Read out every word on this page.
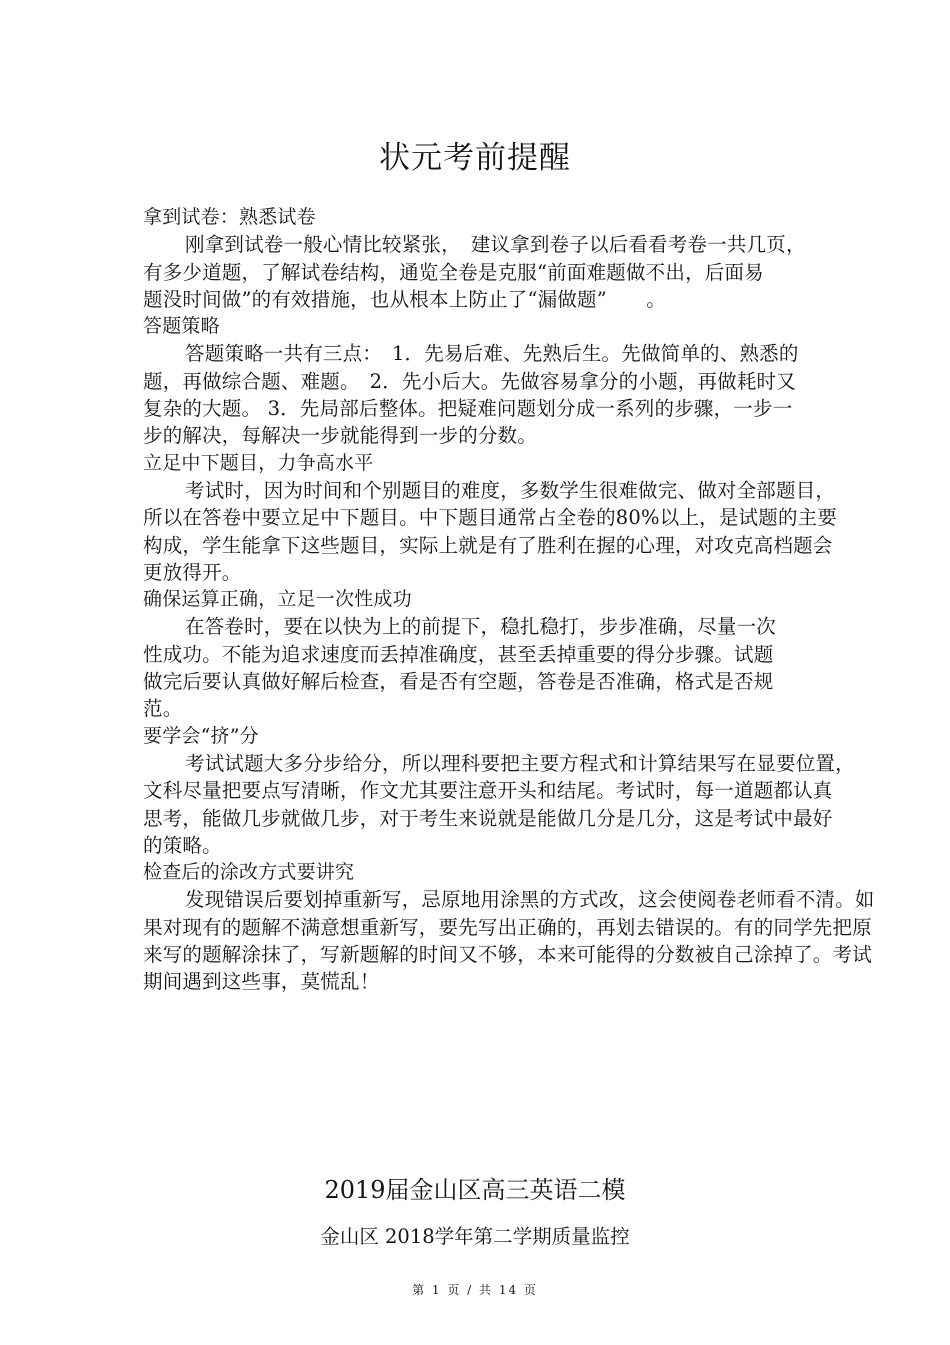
状元考前提醒
拿到试卷：熟悉试卷
刚拿到试卷一般心情比较紧张，　建议拿到卷子以后看看考卷一共几页，
有多少道题，了解试卷结构，通览全卷是克服“前面难题做不出，后面易
题没时间做”的有效措施，也从根本上防止了“漏做题”　　。
答题策略
答题策略一共有三点：　1．先易后难、先熟后生。先做简单的、熟悉的
题，再做综合题、难题。　2．先小后大。先做容易拿分的小题，再做耗时又
复杂的大题。 3．先局部后整体。把疑难问题划分成一系列的步骤，一步一
步的解决，每解决一步就能得到一步的分数。
立足中下题目，力争高水平
考试时，因为时间和个别题目的难度，多数学生很难做完、做对全部题目，
所以在答卷中要立足中下题目。中下题目通常占全卷的80%以上，是试题的主要
构成，学生能拿下这些题目，实际上就是有了胜利在握的心理，对攻克高档题会
更放得开。
确保运算正确，立足一次性成功
在答卷时，要在以快为上的前提下，稳扎稳打，步步准确，尽量一次
性成功。不能为追求速度而丢掉准确度，甚至丢掉重要的得分步骤。试题
做完后要认真做好解后检查，看是否有空题，答卷是否准确，格式是否规
范。
要学会“挤”分
考试试题大多分步给分，所以理科要把主要方程式和计算结果写在显要位置，
文科尽量把要点写清晰，作文尤其要注意开头和结尾。考试时，每一道题都认真
思考，能做几步就做几步，对于考生来说就是能做几分是几分，这是考试中最好
的策略。
检查后的涂改方式要讲究
发现错误后要划掉重新写，忌原地用涂黑的方式改，这会使阅卷老师看不清。如
果对现有的题解不满意想重新写，要先写出正确的，再划去错误的。有的同学先把原
来写的题解涂抹了，写新题解的时间又不够，本来可能得的分数被自己涂掉了。考试
期间遇到这些事，莫慌乱！
2019届金山区高三英语二模
金山区 2018学年第二学期质量监控
第 1 页 / 共 14 页
